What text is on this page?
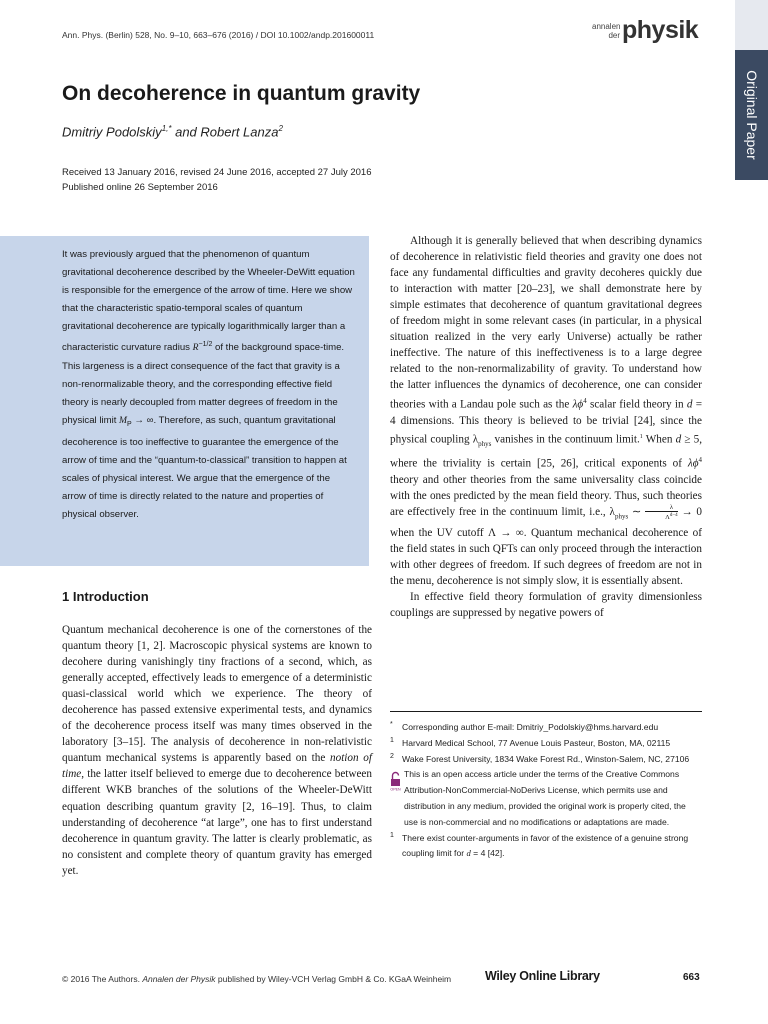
Ann. Phys. (Berlin) 528, No. 9–10, 663–676 (2016) / DOI 10.1002/andp.201600011
annalen
der physik
Original Paper
On decoherence in quantum gravity
Dmitriy Podolskiy$^{1,*}$ and Robert Lanza$^2$
Received 13 January 2016, revised 24 June 2016, accepted 27 July 2016
Published online 26 September 2016
It was previously argued that the phenomenon of quantum gravitational decoherence described by the Wheeler-DeWitt equation is responsible for the emergence of the arrow of time. Here we show that the characteristic spatio-temporal scales of quantum gravitational decoherence are typically logarithmically larger than a characteristic curvature radius $R^{-1/2}$ of the background space-time. This largeness is a direct consequence of the fact that gravity is a non-renormalizable theory, and the corresponding effective field theory is nearly decoupled from matter degrees of freedom in the physical limit $M_P$ → ∞. Therefore, as such, quantum gravitational decoherence is too ineffective to guarantee the emergence of the arrow of time and the “quantum-to-classical” transition to happen at scales of physical interest. We argue that the emergence of the arrow of time is directly related to the nature and properties of physical observer.
1 Introduction

Quantum mechanical decoherence is one of the cornerstones of the quantum theory [1, 2]. Macroscopic physical systems are known to decohere during vanishingly tiny fractions of a second, which, as generally accepted, effectively leads to emergence of a deterministic quasi-classical world which we experience. The theory of decoherence has passed extensive experimental tests, and dynamics of the decoherence process itself was many times observed in the laboratory [3–15]. The analysis of decoherence in non-relativistic quantum mechanical systems is apparently based on the notion of time, the latter itself believed to emerge due to decoherence between different WKB branches of the solutions of the Wheeler-DeWitt equation describing quantum gravity [2, 16–19]. Thus, to claim understanding of decoherence “at large”, one has to first understand decoherence in quantum gravity. The latter is clearly problematic, as no consistent and complete theory of quantum gravity has emerged yet.

Although it is generally believed that when describing dynamics of decoherence in relativistic field theories and gravity one does not face any fundamental difficulties and gravity decoheres quickly due to interaction with matter [20–23], we shall demonstrate here by simple estimates that decoherence of quantum gravitational degrees of freedom might in some relevant cases (in particular, in a physical situation realized in the very early Universe) actually be rather ineffective. The nature of this ineffectiveness is to a large degree related to the non-renormalizability of gravity. To understand how the latter influences the dynamics of decoherence, one can consider theories with a Landau pole such as the $\lambda\phi^4$ scalar field theory in d = 4 dimensions. This theory is believed to be trivial [24], since the physical coupling $\lambda_{phys}$ vanishes in the continuum limit.$^1$ When d ≥ 5, where the triviality is certain [25, 26], critical exponents of $\lambda\phi^4$ theory and other theories from the same universality class coincide with the ones predicted by the mean field theory. Thus, such theories are effectively free in the continuum limit, i.e., $\lambda_{phys}$ ∼ $\frac{\lambda}{\Lambda^{d-4}} \to 0$ when the UV cutoff Λ → ∞. Quantum mechanical decoherence of the field states in such QFTs can only proceed through the interaction with other degrees of freedom. If such degrees of freedom are not in the menu, decoherence is not simply slow, it is essentially absent.

In effective field theory formulation of gravity dimensionless couplings are suppressed by negative powers of

* Corresponding author E-mail: Dmitriy_Podolskiy@hms.harvard.edu
1 Harvard Medical School, 77 Avenue Louis Pasteur, Boston, MA, 02115
2 Wake Forest University, 1834 Wake Forest Rd., Winston-Salem, NC, 27106
OPEN
This is an open access article under the terms of the Creative Commons Attribution-NonCommercial-NoDerivs License, which permits use and distribution in any medium, provided the original work is properly cited, the use is non-commercial and no modifications or adaptations are made.
1 There exist counter-arguments in favor of the existence of a genuine strong coupling limit for d = 4 [42].
© 2016 The Authors. Annalen der Physik published by Wiley-VCH Verlag GmbH & Co. KGaA Weinheim	Wiley Online Library	663
